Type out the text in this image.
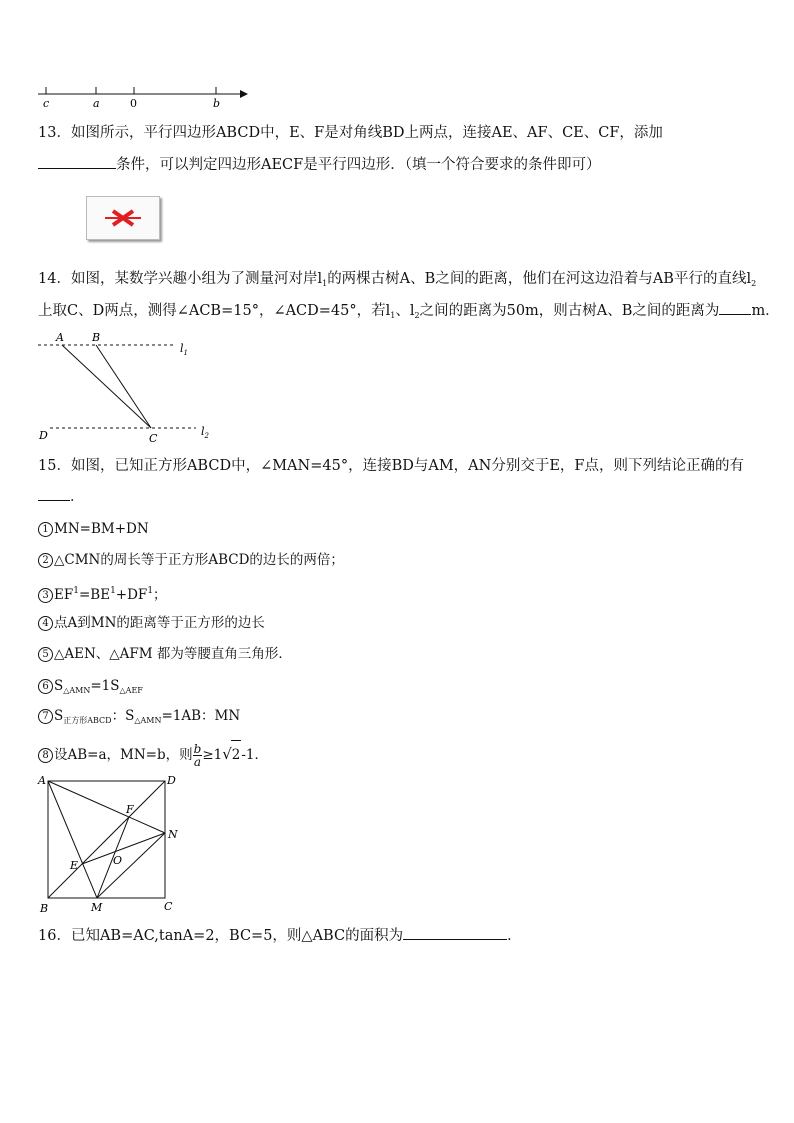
c	a	0	b
13．如图所示，平行四边形ABCD中，E、F是对角线BD上两点，连接AE、AF、CE、CF，添加
条件，可以判定四边形AECF是平行四边形．（填一个符合要求的条件即可）
14．如图，某数学兴趣小组为了测量河对岸$l_1$的两棵古树A、B之间的距离，他们在河这边沿着与AB平行的直线$l_2$
上取C、D两点，测得∠ACB=15°，∠ACD=45°，若$l_1$、$l_2$之间的距离为50m，则古树A、B之间的距离为 m．
A	B
$l_1$
D	C
$l_2$
15．如图，已知正方形ABCD中，∠MAN=45°，连接BD与AM，AN分别交于E，F点，则下列结论正确的有
．
1 MN=BM+DN
2 △CMN的周长等于正方形ABCD的边长的两倍；
3 $EF^1=BE^1+DF^1$；
4 点A到MN的距离等于正方形的边长
5 △AEN、△AFM 都为等腰直角三角形．
6 $S_{\triangle AMN}=1S_{\triangle AEF}$
7 $S_{正方形ABCD}$：$S_{\triangle AMN}=1AB$：MN
8 设AB=a，MN=b，则 $\frac{b}{a} \ge 1√2-1$．
A	D
F
N
O
E
B	M	C
16．已知AB=AC,tanA=2，BC=5，则△ABC的面积为	．
